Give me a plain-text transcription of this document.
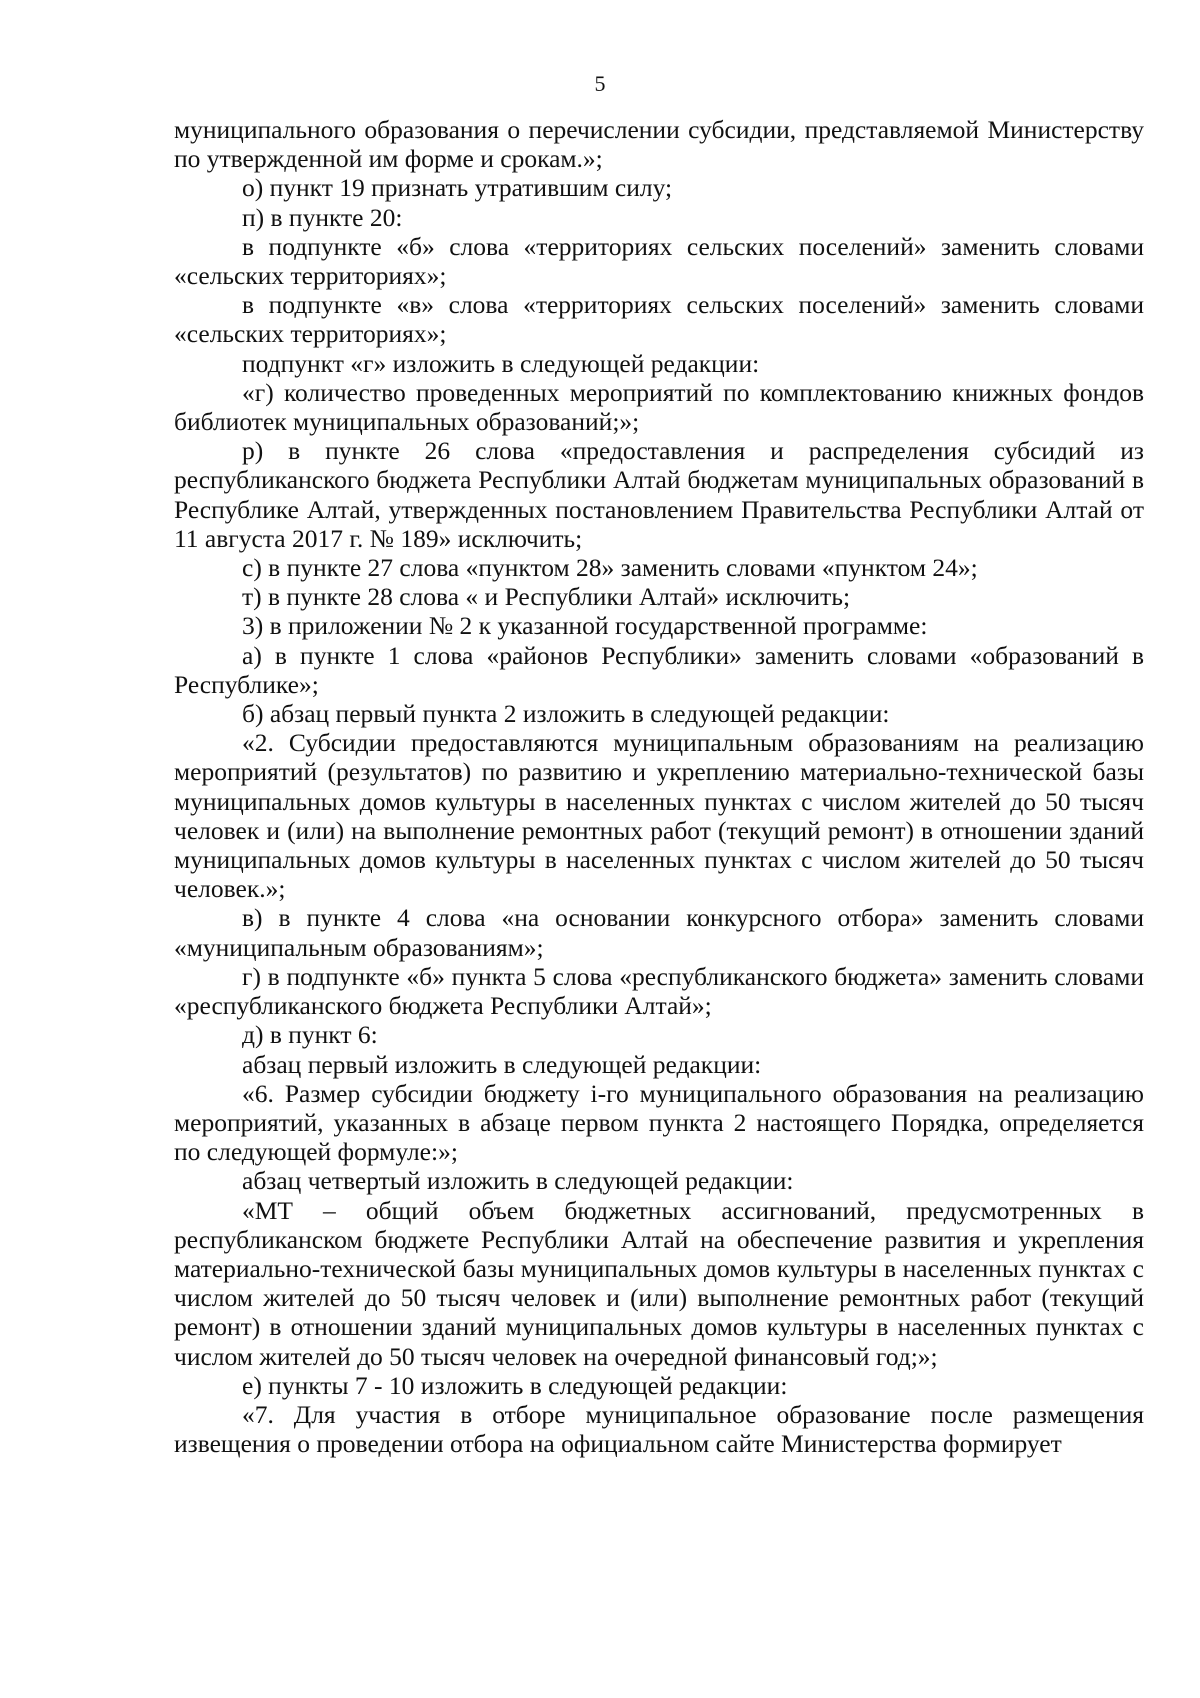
5

муниципального образования о перечислении субсидии, представляемой Министерству по утвержденной им форме и срокам.»;

о) пункт 19 признать утратившим силу;

п) в пункте 20:

в подпункте «б» слова «территориях сельских поселений» заменить словами «сельских территориях»;

в подпункте «в» слова «территориях сельских поселений» заменить словами «сельских территориях»;

подпункт «г» изложить в следующей редакции:

«г) количество проведенных мероприятий по комплектованию книжных фондов библиотек муниципальных образований;»;

р) в пункте 26 слова «предоставления и распределения субсидий из республиканского бюджета Республики Алтай бюджетам муниципальных образований в Республике Алтай, утвержденных постановлением Правительства Республики Алтай от 11 августа 2017 г. № 189» исключить;

с) в пункте 27 слова «пунктом 28» заменить словами «пунктом 24»;

т) в пункте 28 слова « и Республики Алтай» исключить;

3) в приложении № 2 к указанной государственной программе:

а) в пункте 1 слова «районов Республики» заменить словами «образований в Республике»;

б) абзац первый пункта 2 изложить в следующей редакции:

«2. Субсидии предоставляются муниципальным образованиям на реализацию мероприятий (результатов) по развитию и укреплению материально-технической базы муниципальных домов культуры в населенных пунктах с числом жителей до 50 тысяч человек и (или) на выполнение ремонтных работ (текущий ремонт) в отношении зданий муниципальных домов культуры в населенных пунктах с числом жителей до 50 тысяч человек.»;

в) в пункте 4 слова «на основании конкурсного отбора» заменить словами «муниципальным образованиям»;

г) в подпункте «б» пункта 5 слова «республиканского бюджета» заменить словами «республиканского бюджета Республики Алтай»;

д) в пункт 6:

абзац первый изложить в следующей редакции:

«6. Размер субсидии бюджету i-го муниципального образования на реализацию мероприятий, указанных в абзаце первом пункта 2 настоящего Порядка, определяется по следующей формуле:»;

абзац четвертый изложить в следующей редакции:

«МТ – общий объем бюджетных ассигнований, предусмотренных в республиканском бюджете Республики Алтай на обеспечение развития и укрепления материально-технической базы муниципальных домов культуры в населенных пунктах с числом жителей до 50 тысяч человек и (или) выполнение ремонтных работ (текущий ремонт) в отношении зданий муниципальных домов культуры в населенных пунктах с числом жителей до 50 тысяч человек на очередной финансовый год;»;

е) пункты 7 - 10 изложить в следующей редакции:

«7. Для участия в отборе муниципальное образование после размещения извещения о проведении отбора на официальном сайте Министерства формирует
